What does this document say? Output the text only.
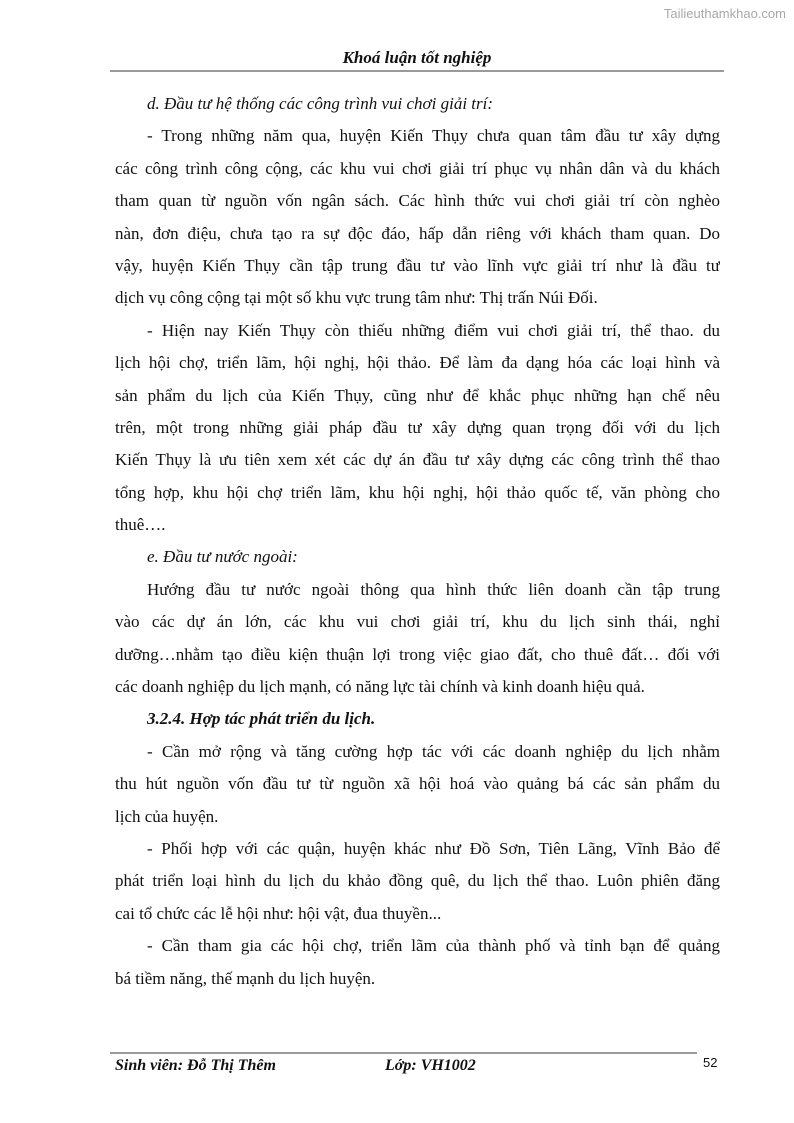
Tailieuthamkhao.com
Khoá luận tốt nghiệp
d. Đầu tư hệ thống các công trình vui chơi giải trí:
- Trong những năm qua, huyện Kiến Thụy chưa quan tâm đầu tư xây dựng
các công trình công cộng, các khu vui chơi giải trí phục vụ nhân dân và du khách
tham quan từ nguồn vốn ngân sách. Các hình thức vui chơi giải trí còn nghèo
nàn, đơn điệu, chưa tạo ra sự độc đáo, hấp dẫn riêng với khách tham quan. Do
vậy, huyện Kiến Thụy cần tập trung đầu tư vào lĩnh vực giải trí như là đầu tư
dịch vụ công cộng tại một số khu vực trung tâm như: Thị trấn Núi Đối.
- Hiện nay Kiến Thụy còn thiếu những điểm vui chơi giải trí, thể thao. du
lịch hội chợ, triển lãm, hội nghị, hội thảo. Để làm đa dạng hóa các loại hình và
sản phẩm du lịch của Kiến Thụy, cũng như để khắc phục những hạn chế nêu
trên, một trong những giải pháp đầu tư xây dựng quan trọng đối với du lịch
Kiến Thụy là ưu tiên xem xét các dự án đầu tư xây dựng các công trình thể thao
tổng hợp, khu hội chợ triển lãm, khu hội nghị, hội thảo quốc tế, văn phòng cho
thuê….
e. Đầu tư nước ngoài:
Hướng đầu tư nước ngoài thông qua hình thức liên doanh cần tập trung
vào các dự án lớn, các khu vui chơi giải trí, khu du lịch sinh thái, nghỉ
dưỡng…nhằm tạo điều kiện thuận lợi trong việc giao đất, cho thuê đất… đối với
các doanh nghiệp du lịch mạnh, có năng lực tài chính và kinh doanh hiệu quả.
3.2.4. Hợp tác phát triển du lịch.
- Cần mở rộng và tăng cường hợp tác với các doanh nghiệp du lịch nhằm
thu hút nguồn vốn đầu tư từ nguồn xã hội hoá vào quảng bá các sản phẩm du
lịch của huyện.
- Phối hợp với các quận, huyện khác như Đồ Sơn, Tiên Lãng, Vĩnh Bảo để
phát triển loại hình du lịch du khảo đồng quê, du lịch thể thao. Luôn phiên đăng
cai tổ chức các lễ hội như: hội vật, đua thuyền...
- Cần tham gia các hội chợ, triển lãm của thành phố và tỉnh bạn để quảng
bá tiềm năng, thế mạnh du lịch huyện.
Sinh viên: Đỗ Thị Thêm	Lớp: VH1002	52
